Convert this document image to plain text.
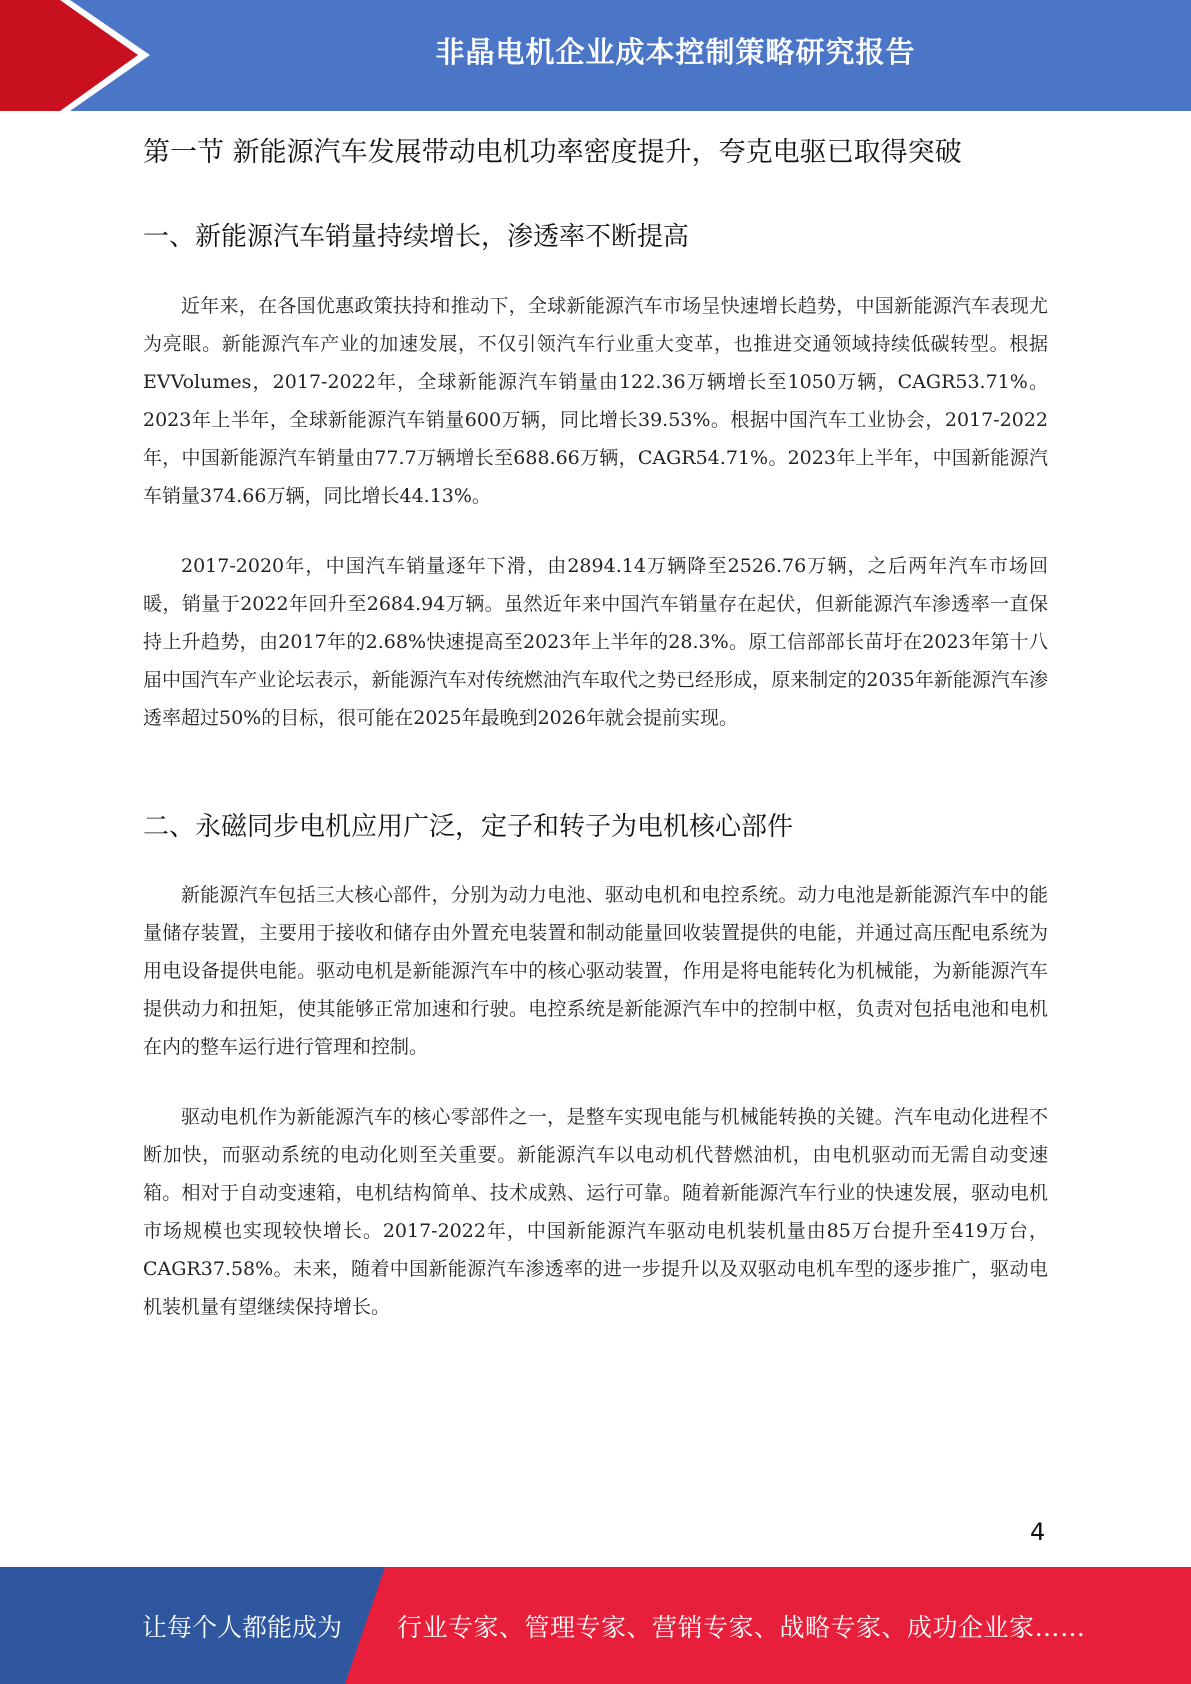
非晶电机企业成本控制策略研究报告
第一节 新能源汽车发展带动电机功率密度提升，夸克电驱已取得突破
一、新能源汽车销量持续增长，渗透率不断提高

近年来，在各国优惠政策扶持和推动下，全球新能源汽车市场呈快速增长趋势，中国新能源汽车表现尤为亮眼。新能源汽车产业的加速发展，不仅引领汽车行业重大变革，也推进交通领域持续低碳转型。根据EVVolumes，2017-2022年，全球新能源汽车销量由122.36万辆增长至1050万辆，CAGR53.71%。2023年上半年，全球新能源汽车销量600万辆，同比增长39.53%。根据中国汽车工业协会，2017-2022年，中国新能源汽车销量由77.7万辆增长至688.66万辆，CAGR54.71%。2023年上半年，中国新能源汽车销量374.66万辆，同比增长44.13%。

2017-2020年，中国汽车销量逐年下滑，由2894.14万辆降至2526.76万辆，之后两年汽车市场回暖，销量于2022年回升至2684.94万辆。虽然近年来中国汽车销量存在起伏，但新能源汽车渗透率一直保持上升趋势，由2017年的2.68%快速提高至2023年上半年的28.3%。原工信部部长苗圩在2023年第十八届中国汽车产业论坛表示，新能源汽车对传统燃油汽车取代之势已经形成，原来制定的2035年新能源汽车渗透率超过50%的目标，很可能在2025年最晚到2026年就会提前实现。

二、永磁同步电机应用广泛，定子和转子为电机核心部件

新能源汽车包括三大核心部件，分别为动力电池、驱动电机和电控系统。动力电池是新能源汽车中的能量储存装置，主要用于接收和储存由外置充电装置和制动能量回收装置提供的电能，并通过高压配电系统为用电设备提供电能。驱动电机是新能源汽车中的核心驱动装置，作用是将电能转化为机械能，为新能源汽车提供动力和扭矩，使其能够正常加速和行驶。电控系统是新能源汽车中的控制中枢，负责对包括电池和电机在内的整车运行进行管理和控制。

驱动电机作为新能源汽车的核心零部件之一，是整车实现电能与机械能转换的关键。汽车电动化进程不断加快，而驱动系统的电动化则至关重要。新能源汽车以电动机代替燃油机，由电机驱动而无需自动变速箱。相对于自动变速箱，电机结构简单、技术成熟、运行可靠。随着新能源汽车行业的快速发展，驱动电机市场规模也实现较快增长。2017-2022年，中国新能源汽车驱动电机装机量由85万台提升至419万台，CAGR37.58%。未来，随着中国新能源汽车渗透率的进一步提升以及双驱动电机车型的逐步推广，驱动电机装机量有望继续保持增长。

4
让每个人都能成为 行业专家、管理专家、营销专家、战略专家、成功企业家……
